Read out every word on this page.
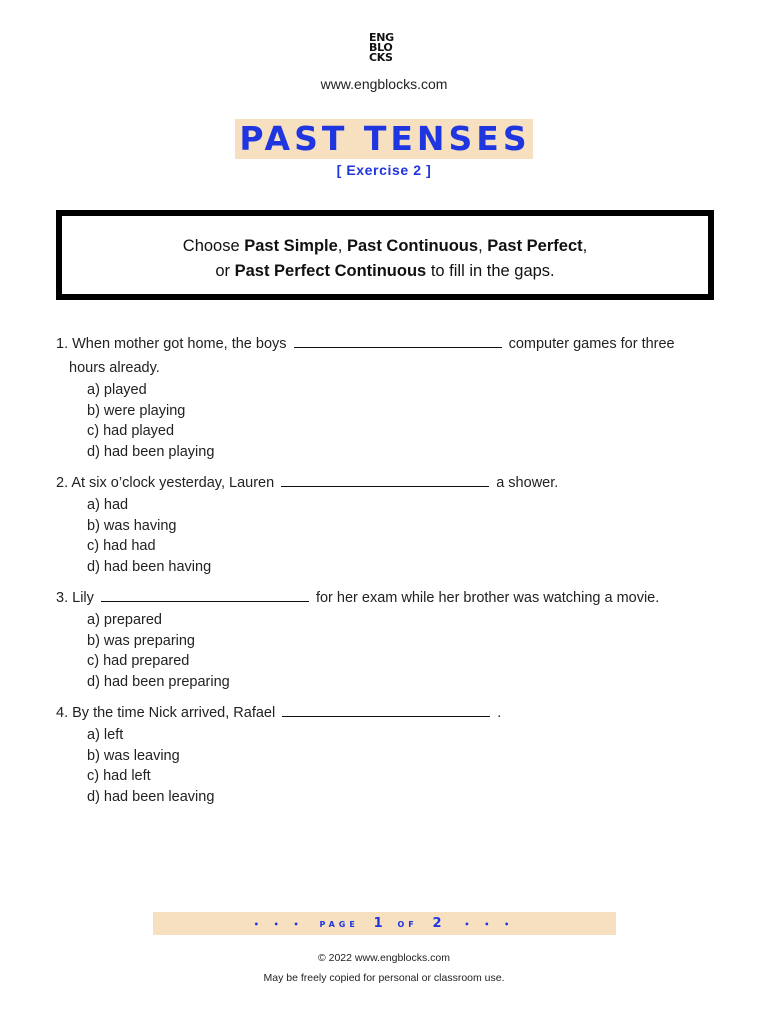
ENG
BLO
CKS
www.engblocks.com
PAST TENSES
[ Exercise 2 ]
Choose Past Simple, Past Continuous, Past Perfect,
or Past Perfect Continuous to fill in the gaps.
1. When mother got home, the boys	computer games for three
hours already.
a) played
b) were playing
c) had played
d) had been playing
2. At six o’clock yesterday, Lauren	a shower.
a) had
b) was having
c) had had
d) had been having
3. Lily	for her exam while her brother was watching a movie.
a) prepared
b) was preparing
c) had prepared
d) had been preparing
4. By the time Nick arrived, Rafael	.
a) left
b) was leaving
c) had left
d) had been leaving
• • • PAGE 1 OF 2	• • •
© 2022 www.engblocks.com
May be freely copied for personal or classroom use.
